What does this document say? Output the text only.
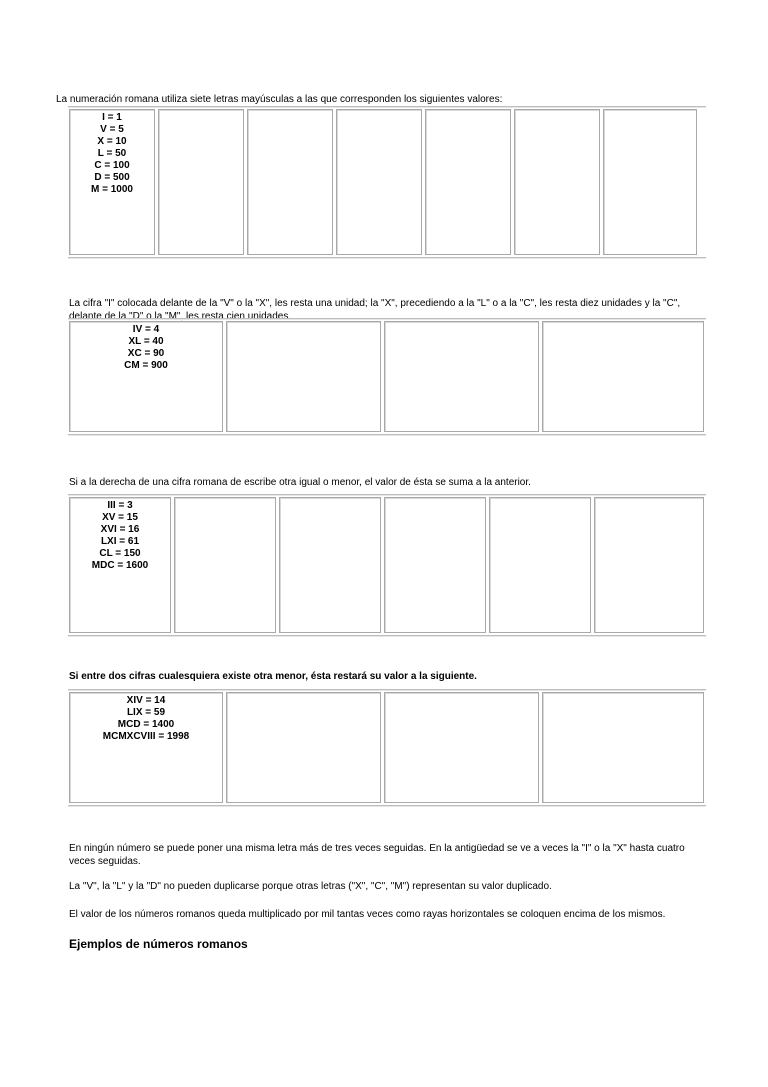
La numeración romana utiliza siete letras mayúsculas a las que corresponden los siguientes valores:
I = 1
V = 5
X = 10
L = 50
C = 100
D = 500
M = 1000
La cifra "I" colocada delante de la "V" o la "X", les resta una unidad; la "X", precediendo a la "L" o a la "C", les resta diez unidades y la "C", delante de la "D" o la "M", les resta cien unidades.
IV = 4
XL = 40
XC = 90
CM = 900
Si a la derecha de una cifra romana de escribe otra igual o menor, el valor de ésta se suma a la anterior.
III = 3
XV = 15
XVI = 16
LXI = 61
CL = 150
MDC = 1600
Si entre dos cifras cualesquiera existe otra menor, ésta restará su valor a la siguiente.
XIV = 14
LIX = 59
MCD = 1400
MCMXCVIII = 1998
En ningún número se puede poner una misma letra más de tres veces seguidas. En la antigüedad se ve a veces la "I" o la "X" hasta cuatro veces seguidas.
La "V", la "L" y la "D" no pueden duplicarse porque otras letras ("X", "C", "M") representan su valor duplicado.
El valor de los números romanos queda multiplicado por mil tantas veces como rayas horizontales se coloquen encima de los mismos.
Ejemplos de números romanos
